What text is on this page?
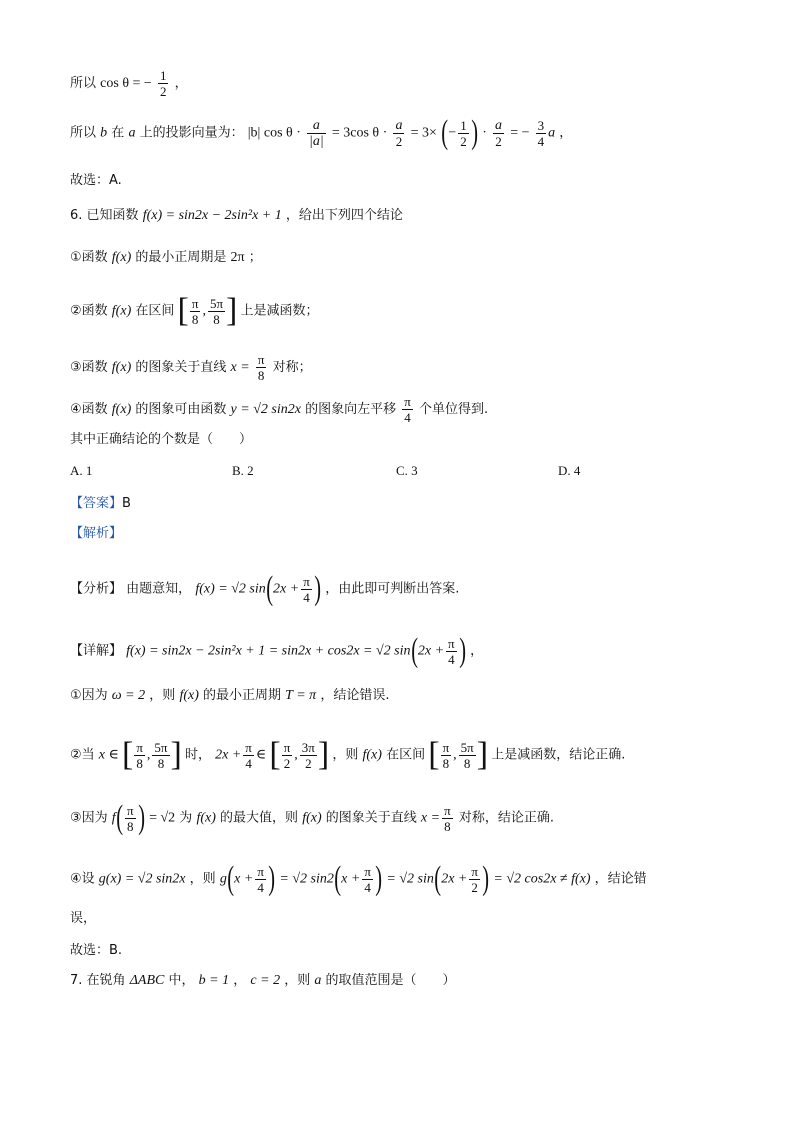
所以 cos θ = − $\frac{1}{2}$ ，
所以 b 在 a 上的投影向量为： |b| $\cos \theta \cdot \frac{a}{|a|} = 3\cos$ $\theta \cdot \frac{a}{2} = 3\times$ (− $\frac{1}{2}$ ) · $\frac{a}{2}$ = − $\frac{3}{4}$ a ，
故选：A.
6. 已知函数 f(x) = sin2x − 2sin²x + 1 ，给出下列四个结论
①函数 f(x) 的最小正周期是 2π ；
②函数 f(x) 在区间 [ $\frac{\pi}{8}$ , $\frac{5\pi}{8}$ ] 上是减函数；
③函数 f(x) 的图象关于直线 $x = \frac{\pi}{8}$ 对称；
④函数 f(x) 的图象可由函数 y = √2 sin2x 的图象向左平移 $\frac{\pi}{4}$ 个单位得到.
其中正确结论的个数是（　　）
A. 1	B. 2	C. 3	D. 4
【答案】B
【解析】
【分析】 由题意知， f(x) = √2 $\sin(2x + \frac{\pi}{4}$ ) ，由此即可判断出答案.
【详解】 f(x) = sin2x − 2sin²x + 1 = sin2x + cos2x = √2 $\sin(2x + \frac{\pi}{4}$ ) ，
①因为 ω = 2 ，则 f(x) 的最小正周期 T = π ，结论错误.
②当 x ∈ [ $\frac{\pi}{8}$ , $\frac{5\pi}{8}$ ] 时， $2x + \frac{\pi}{4}$ ∈ [ $\frac{\pi}{2}$ , $\frac{3\pi}{2}$ ] ，则 f(x) 在区间 [ $\frac{\pi}{8}$ , $\frac{5\pi}{8}$ ] 上是减函数，结论正确.
③因为 $f( \frac{\pi}{8}$ ) = √2 为 f(x) 的最大值，则 f(x) 的图象关于直线 $x = \frac{\pi}{8}$ 对称，结论正确.
④设 g(x) = √2 sin2x ，则 $g(x + \frac{\pi}{4}$ ) = √2 $\sin 2(x + \frac{\pi}{4}$ ) = √2 $\sin(2x + \frac{\pi}{2}$ ) = √2 cos2x ≠ f(x) ，结论错
误，
故选：B.
7. 在锐角 ΔABC 中， b = 1 ， c = 2 ，则 a 的取值范围是（　　）
